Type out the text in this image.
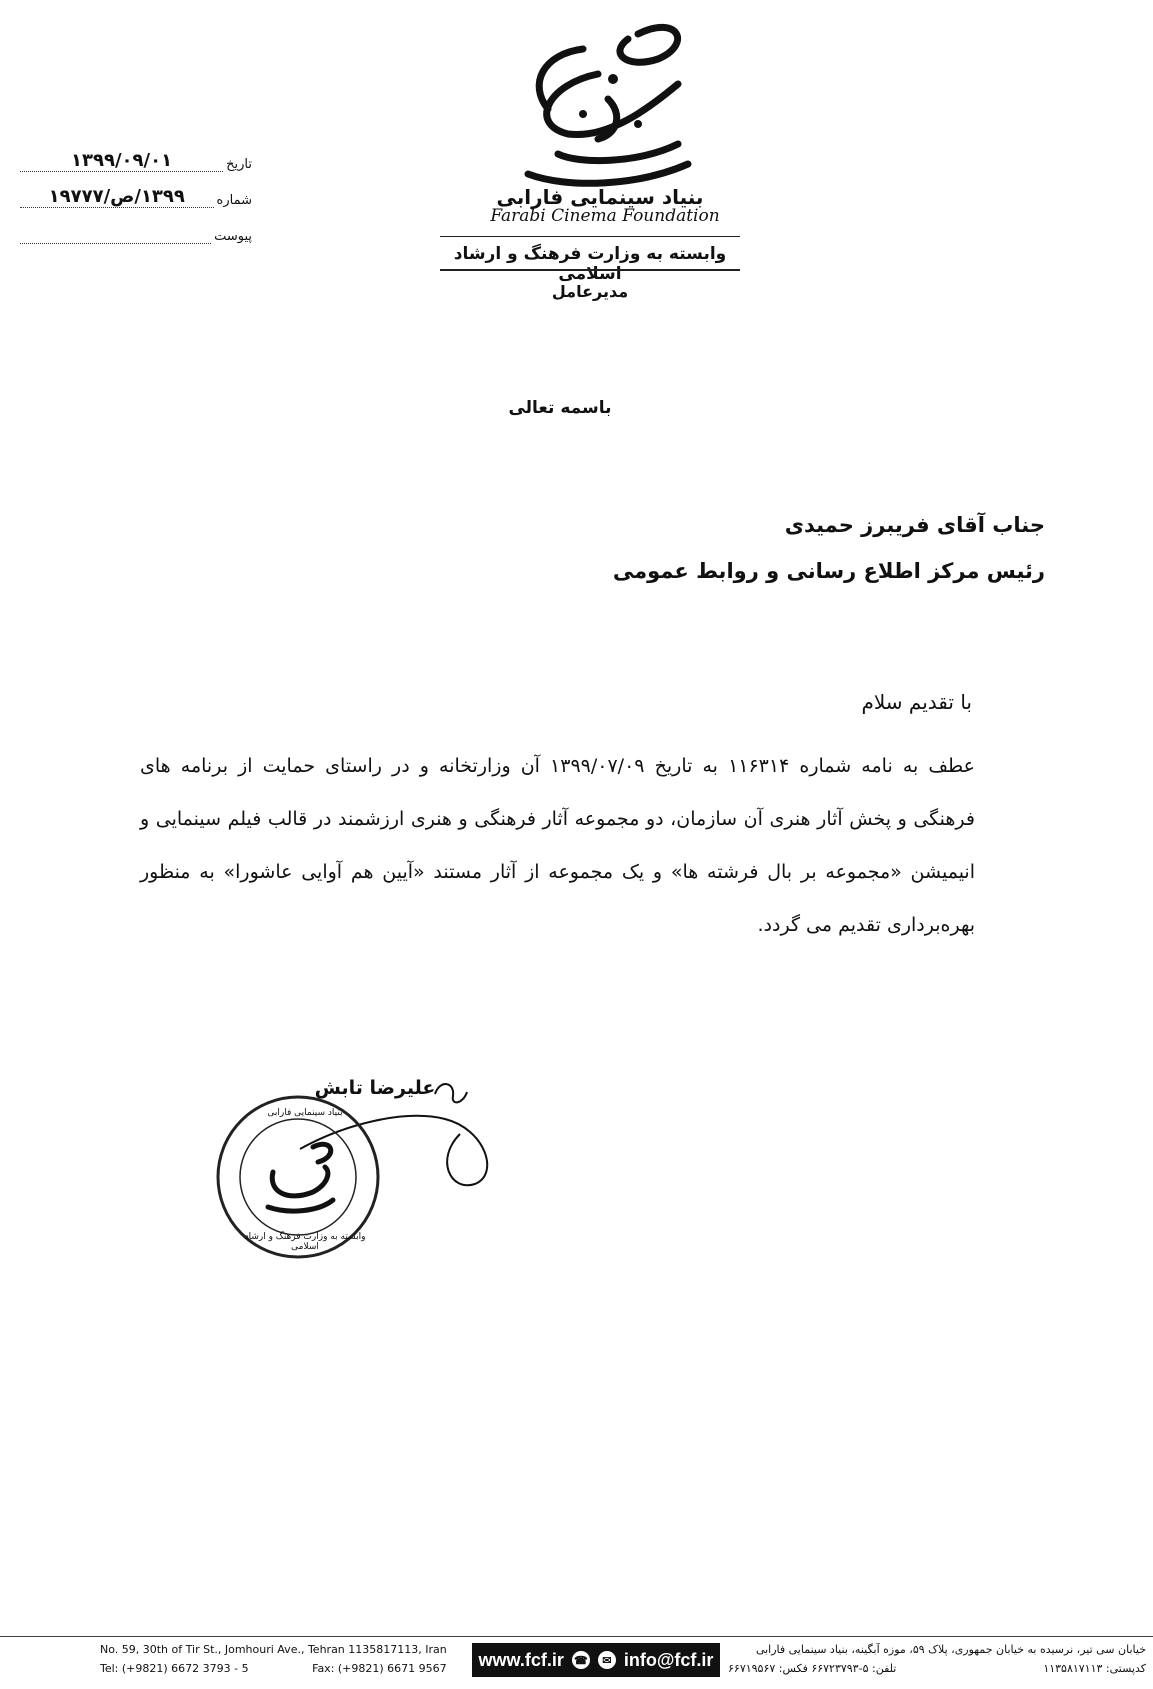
بنیاد سینمایی فارابی
Farabi Cinema Foundation
وابسته به وزارت فرهنگ و ارشاد اسلامی
مدیرعامل
تاریخ
۱۳۹۹/۰۹/۰۱
شماره
۱۳۹۹/ص/۱۹۷۷۷
پیوست
باسمه تعالی
جناب آقای فریبرز حمیدی
رئیس مرکز اطلاع رسانی و روابط عمومی
با تقدیم سلام
عطف به نامه شماره ۱۱۶۳۱۴ به تاریخ ۱۳۹۹/۰۷/۰۹ آن وزارتخانه و در راستای حمایت از برنامه های فرهنگی و پخش آثار هنری آن سازمان، دو مجموعه آثار فرهنگی و هنری ارزشمند در قالب فیلم سینمایی و انیمیشن «مجموعه بر بال فرشته ها» و یک مجموعه از آثار مستند «آیین هم آوایی عاشورا» به منظور بهره‌برداری تقدیم می گردد.
علیرضا تابش
بنیاد سینمایی فارابی
وابسته به وزارت فرهنگ و ارشاد اسلامی
No. 59, 30th of Tir St., Jomhouri Ave., Tehran 1135817113, Iran
Tel: (+9821) 6672 3793 - 5	Fax: (+9821) 6671 9567	www.fcf.ir ☎	✉ info@fcf.ir	خیابان سی تیر، نرسیده به خیابان جمهوری، پلاک ۵۹، موزه آبگینه، بنیاد سینمایی فارابی
کدپستی: ۱۱۳۵۸۱۷۱۱۳
تلفن: ۵-۶۶۷۲۳۷۹۳ فکس: ۶۶۷۱۹۵۶۷
